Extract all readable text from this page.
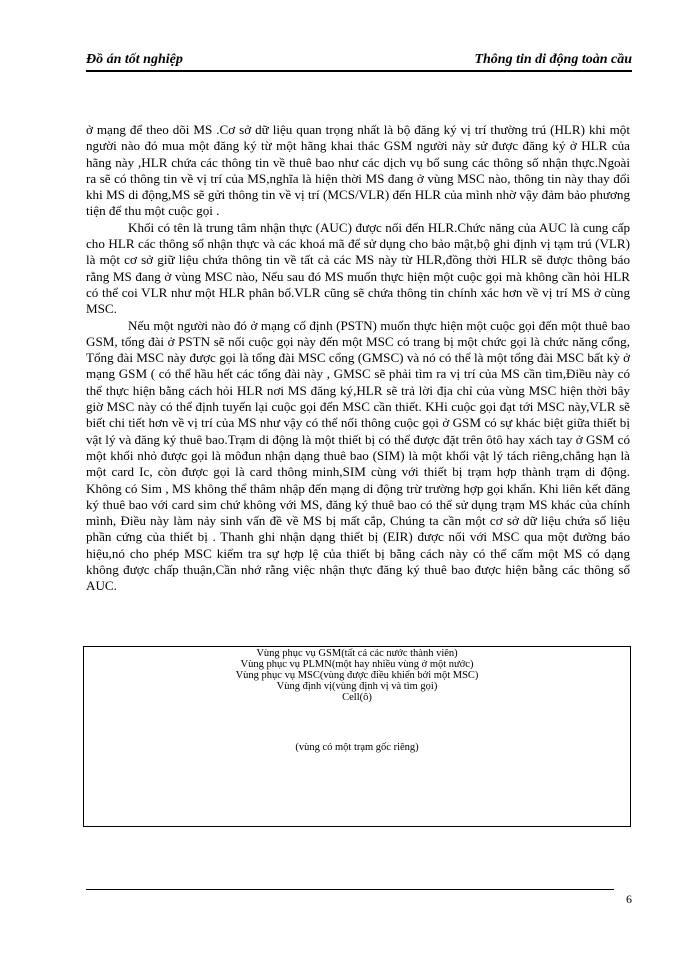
Đồ án tốt nghiệp	Thông tin di động toàn cầu

ở mạng để theo dõi MS .Cơ sở dữ liệu quan trọng nhất là bộ đăng ký vị trí thường trú (HLR) khi một người nào đó mua một đăng ký từ một hãng khai thác GSM người này sử được đăng ký ở HLR của hãng này ,HLR chứa các thông tin về thuê bao như các dịch vụ bổ sung các thông số nhận thực.Ngoài ra sẽ có thông tin về vị trí của MS,nghĩa là hiện thời MS đang ở vùng MSC nào, thông tin này thay đổi khi MS di động,MS sẽ gửi thông tin về vị trí (MCS/VLR) đến HLR của mình nhờ vậy đảm bảo phương tiện để thu một cuộc gọi .

Khối có tên là trung tâm nhận thực (AUC) được nối đến HLR.Chức năng của AUC là cung cấp cho HLR các thông số nhận thực và các khoá mã để sử dụng cho bảo mật,bộ ghi định vị tạm trú (VLR) là một cơ sở giữ liệu chứa thông tin về tất cả các MS này từ HLR,đồng thời HLR sẽ được thông báo rằng MS đang ở vùng MSC nào, Nếu sau đó MS muốn thực hiện một cuộc gọi mà không cần hỏi HLR có thể coi VLR như một HLR phân bố.VLR cũng sẽ chứa thông tin chính xác hơn về vị trí MS ở cùng MSC.

Nếu một người nào đó ở mạng cố định (PSTN) muốn thực hiện một cuộc gọi đến một thuê bao GSM, tổng đài ở PSTN sẽ nối cuộc gọi này đến một MSC có trang bị một chức gọi là chức năng cổng, Tổng đài MSC này được gọi là tổng đài MSC cổng (GMSC) và nó có thể là một tổng đài MSC bất kỳ ở mạng GSM ( có thể hầu hết các tổng đài này , GMSC sẽ phải tìm ra vị trí của MS cần tìm,Điều này có thể thực hiện bằng cách hỏi HLR nơi MS đăng ký,HLR sẽ trả lời địa chỉ của vùng MSC hiện thời bây giờ MSC này có thể định tuyến lại cuộc gọi đến MSC cần thiết. KHi cuộc gọi đạt tới MSC này,VLR sẽ biết chi tiết hơn về vị trí của MS như vậy có thể nối thông cuộc gọi ở GSM có sự khác biệt giữa thiết bị vật lý và đăng ký thuê bao.Trạm di động là một thiết bị có thể được đặt trên ôtô hay xách tay ở GSM có một khối nhỏ được gọi là môđun nhận dạng thuê bao (SIM) là một khối vật lý tách riêng,chẳng hạn là một card Ic, còn được gọi là card thông minh,SIM cùng với thiết bị trạm hợp thành trạm di động. Không có Sim , MS không thể thâm nhập đến mạng di động trừ trường hợp gọi khẩn. Khi liên kết đăng ký thuê bao với card sim chứ không với MS, đăng ký thuê bao có thể sử dụng trạm MS khác của chính mình, Điều này làm nảy sinh vấn đề về MS bị mất cắp, Chúng ta cần một cơ sở dữ liệu chứa số liệu phần cứng của thiết bị . Thanh ghi nhận dạng thiết bị (EIR) được nối với MSC qua một đường báo hiệu,nó cho phép MSC kiểm tra sự hợp lệ của thiết bị bằng cách này có thể cấm một MS có dạng không được chấp thuận,Cần nhớ rằng việc nhận thực đăng ký thuê bao được hiện bằng các thông số AUC.

Vùng phục vụ GSM(tất cả các nước thành viên)
Vùng phục vụ PLMN(một hay nhiều vùng ở một nước)
Vùng phục vụ MSC(vùng được điều khiển bởi một MSC)
Vùng định vị(vùng định vị và tìm gọi)
Cell(ô)
(vùng có một trạm gốc riêng)
6
